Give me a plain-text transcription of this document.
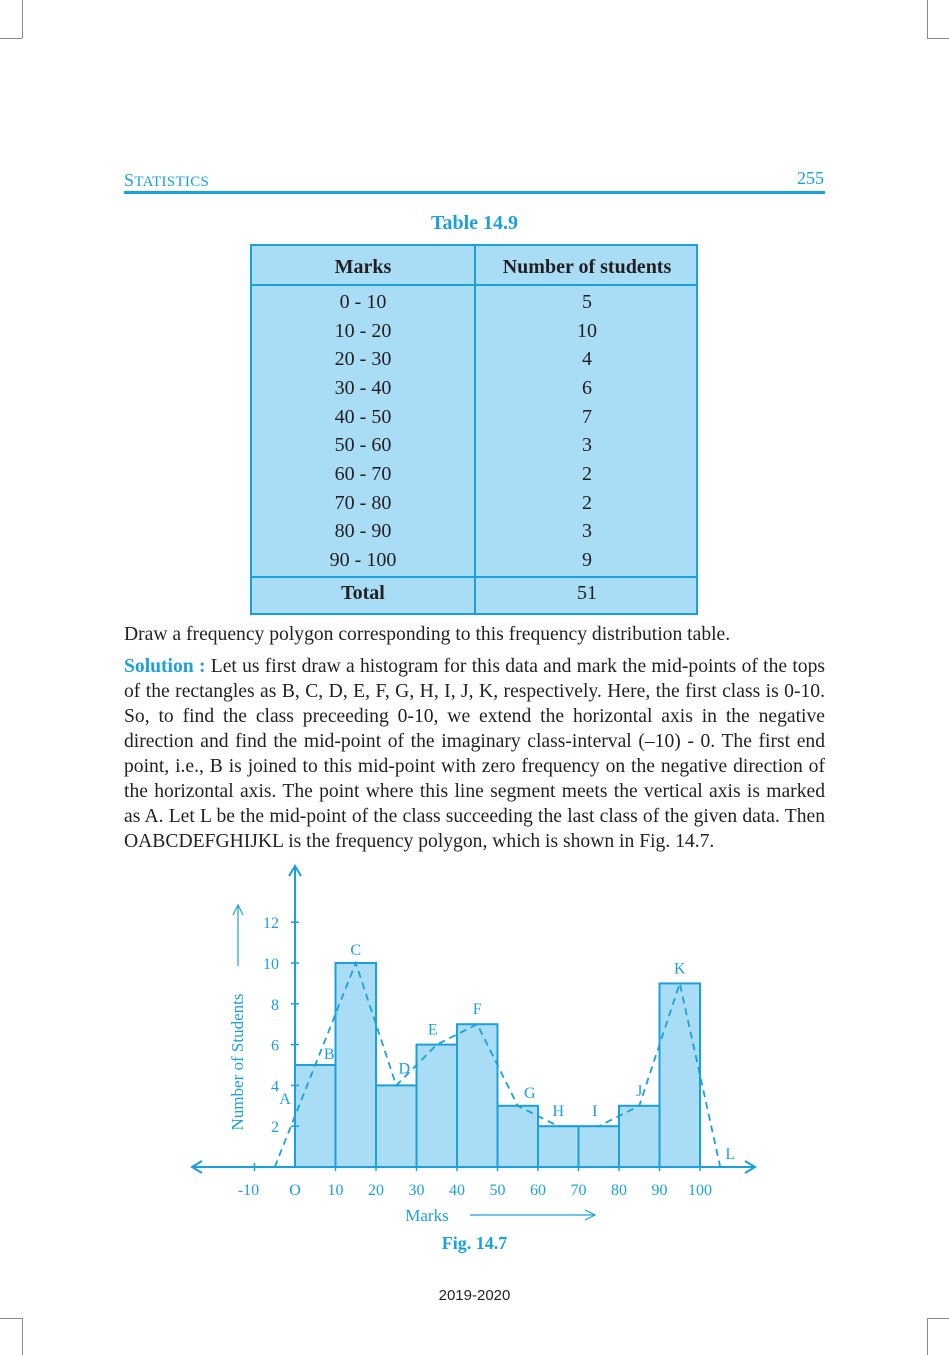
STATISTICS	255
Table 14.9
Marks	Number of students
0 - 10	5
10 - 20	10
20 - 30	4
30 - 40	6
40 - 50	7
50 - 60	3
60 - 70	2
70 - 80	2
80 - 90	3
90 - 100	9
Total	51
Draw a frequency polygon corresponding to this frequency distribution table.
Solution : Let us first draw a histogram for this data and mark the mid-points of the tops of the rectangles as B, C, D, E, F, G, H, I, J, K, respectively. Here, the first class is 0-10. So, to find the class preceeding 0-10, we extend the horizontal axis in the negative direction and find the mid-point of the imaginary class-interval (–10) - 0. The first end point, i.e., B is joined to this mid-point with zero frequency on the negative direction of the horizontal axis. The point where this line segment meets the vertical axis is marked as A. Let L be the mid-point of the class succeeding the last class of the given data. Then OABCDEFGHIJKL is the frequency polygon, which is shown in Fig. 14.7.
-10 O 10 20 30 40 50 60 70 80 90 100
2
4
6
8
10
12
A
B
C
D
E
F
G
H I
J
K
L
Number of Students
Marks
Fig. 14.7
2019-2020
